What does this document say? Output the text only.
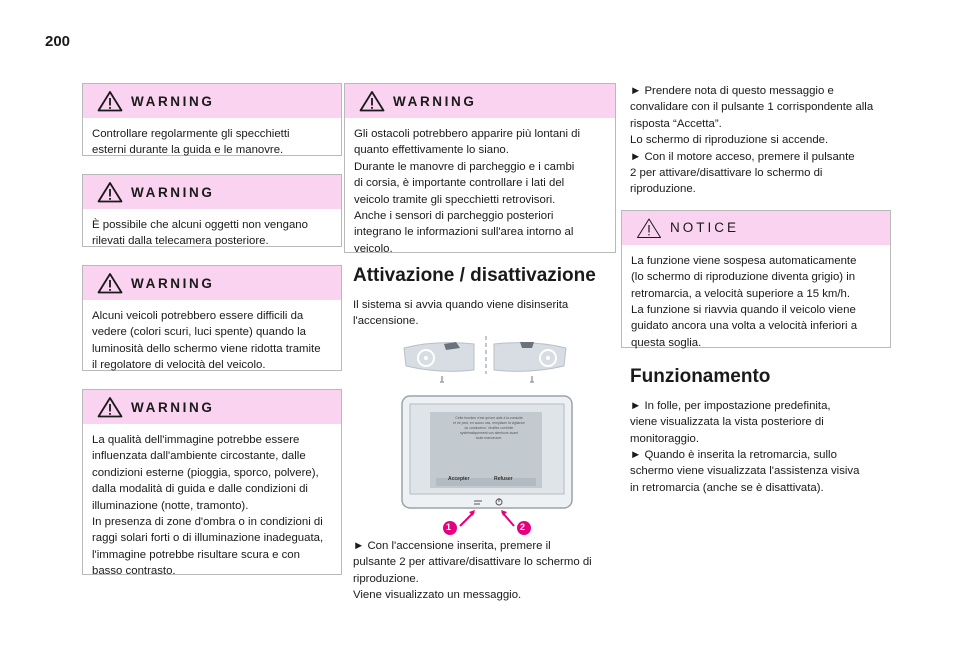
200
WARNING
Controllare regolarmente gli specchietti
esterni durante la guida e le manovre.
WARNING
È possibile che alcuni oggetti non vengano
rilevati dalla telecamera posteriore.
WARNING
Alcuni veicoli potrebbero essere difficili da
vedere (colori scuri, luci spente) quando la
luminosità dello schermo viene ridotta tramite
il regolatore di velocità del veicolo.
WARNING
La qualità dell'immagine potrebbe essere
influenzata dall'ambiente circostante, dalle
condizioni esterne (pioggia, sporco, polvere),
dalla modalità di guida e dalle condizioni di
illuminazione (notte, tramonto).
In presenza di zone d'ombra o in condizioni di
raggi solari forti o di illuminazione inadeguata,
l'immagine potrebbe risultare scura e con
basso contrasto.
WARNING
Gli ostacoli potrebbero apparire più lontani di
quanto effettivamente lo siano.
Durante le manovre di parcheggio e i cambi
di corsia, è importante controllare i lati del
veicolo tramite gli specchietti retrovisori.
Anche i sensori di parcheggio posteriori
integrano le informazioni sull'area intorno al
veicolo.
Attivazione / disattivazione
Il sistema si avvia quando viene disinserita
l'accensione.
Cette fonction n'est qu'une aide à la conduite
et ne peut, en aucun cas, remplacer la vigilance
du conducteur. Veuillez contrôler
systématiquement vos alentours avant
toute manoeuvre.
Accepter	Refuser
1	2
► Con l'accensione inserita, premere il
pulsante 2 per attivare/disattivare lo schermo di
riproduzione.
Viene visualizzato un messaggio.
► Prendere nota di questo messaggio e
convalidare con il pulsante 1 corrispondente alla
risposta “Accetta”.
Lo schermo di riproduzione si accende.
► Con il motore acceso, premere il pulsante
2 per attivare/disattivare lo schermo di
riproduzione.
NOTICE
La funzione viene sospesa automaticamente
(lo schermo di riproduzione diventa grigio) in
retromarcia, a velocità superiore a 15 km/h.
La funzione si riavvia quando il veicolo viene
guidato ancora una volta a velocità inferiori a
questa soglia.
Funzionamento
► In folle, per impostazione predefinita,
viene visualizzata la vista posteriore di
monitoraggio.
► Quando è inserita la retromarcia, sullo
schermo viene visualizzata l'assistenza visiva
in retromarcia (anche se è disattivata).
